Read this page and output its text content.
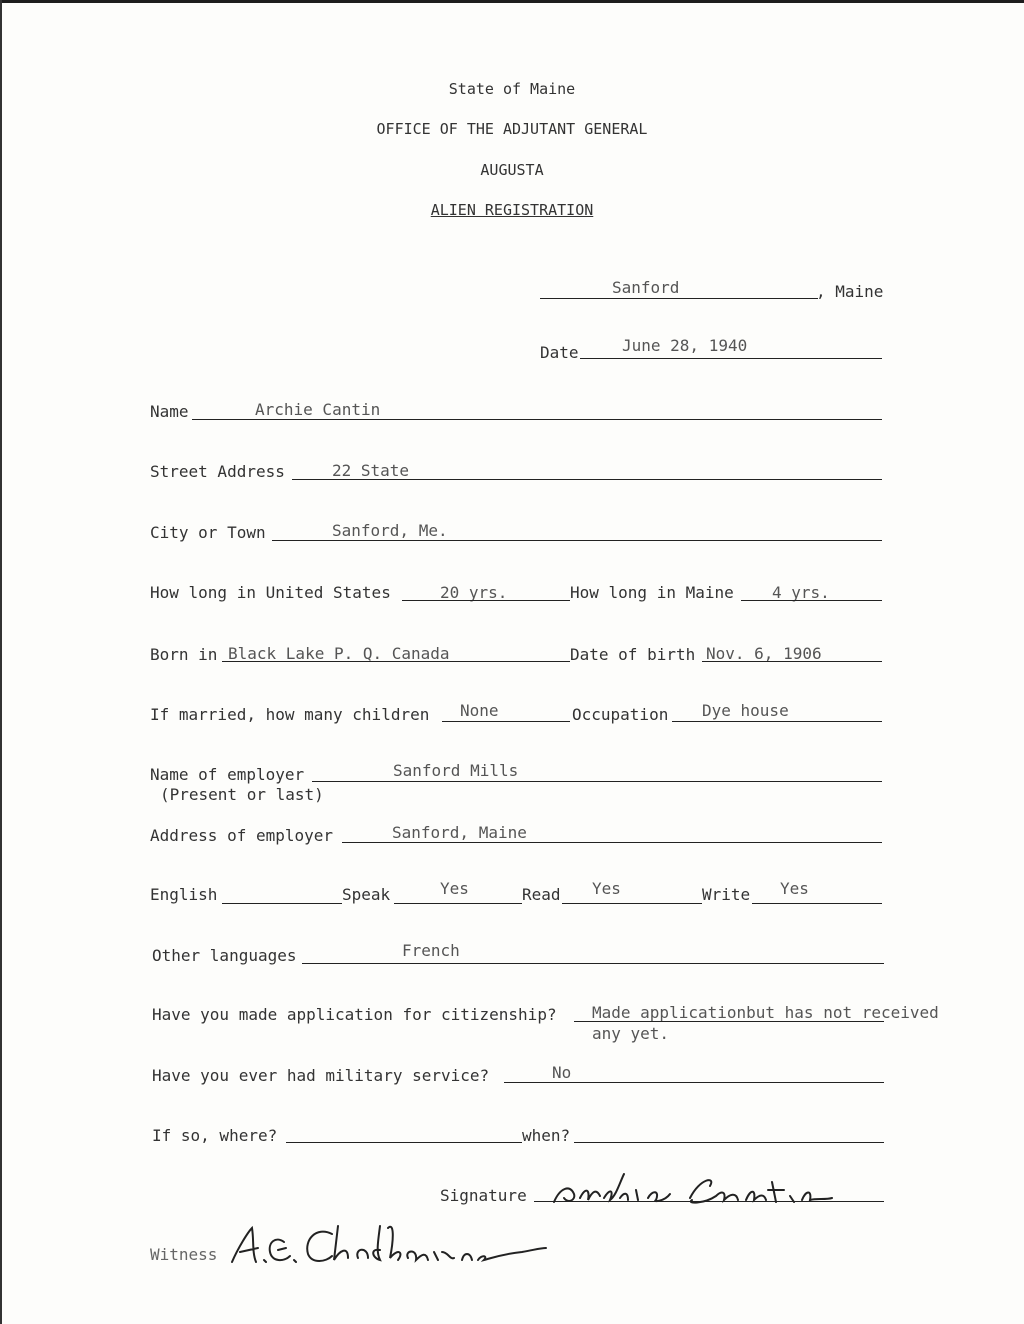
State of Maine
OFFICE OF THE ADJUTANT GENERAL
AUGUSTA
ALIEN REGISTRATION
Sanford	, Maine
Date	June 28, 1940
Name	Archie Cantin
Street Address	22 State
City or Town	Sanford, Me.
How long in United States	20 yrs.	How long in Maine 4 yrs.
Born in Black Lake P. Q. Canada	Date of birth Nov. 6, 1906
If married, how many children None	Occupation Dye house
Name of employer	Sanford Mills
(Present or last)
Address of employer	Sanford, Maine
English	Speak	Yes	Read Yes	Write Yes
Other languages	French
Have you made application for citizenship? Made applicationbut has not received
any yet.
Have you ever had military service?	No
If so, where?	when?
Signature
Witness
